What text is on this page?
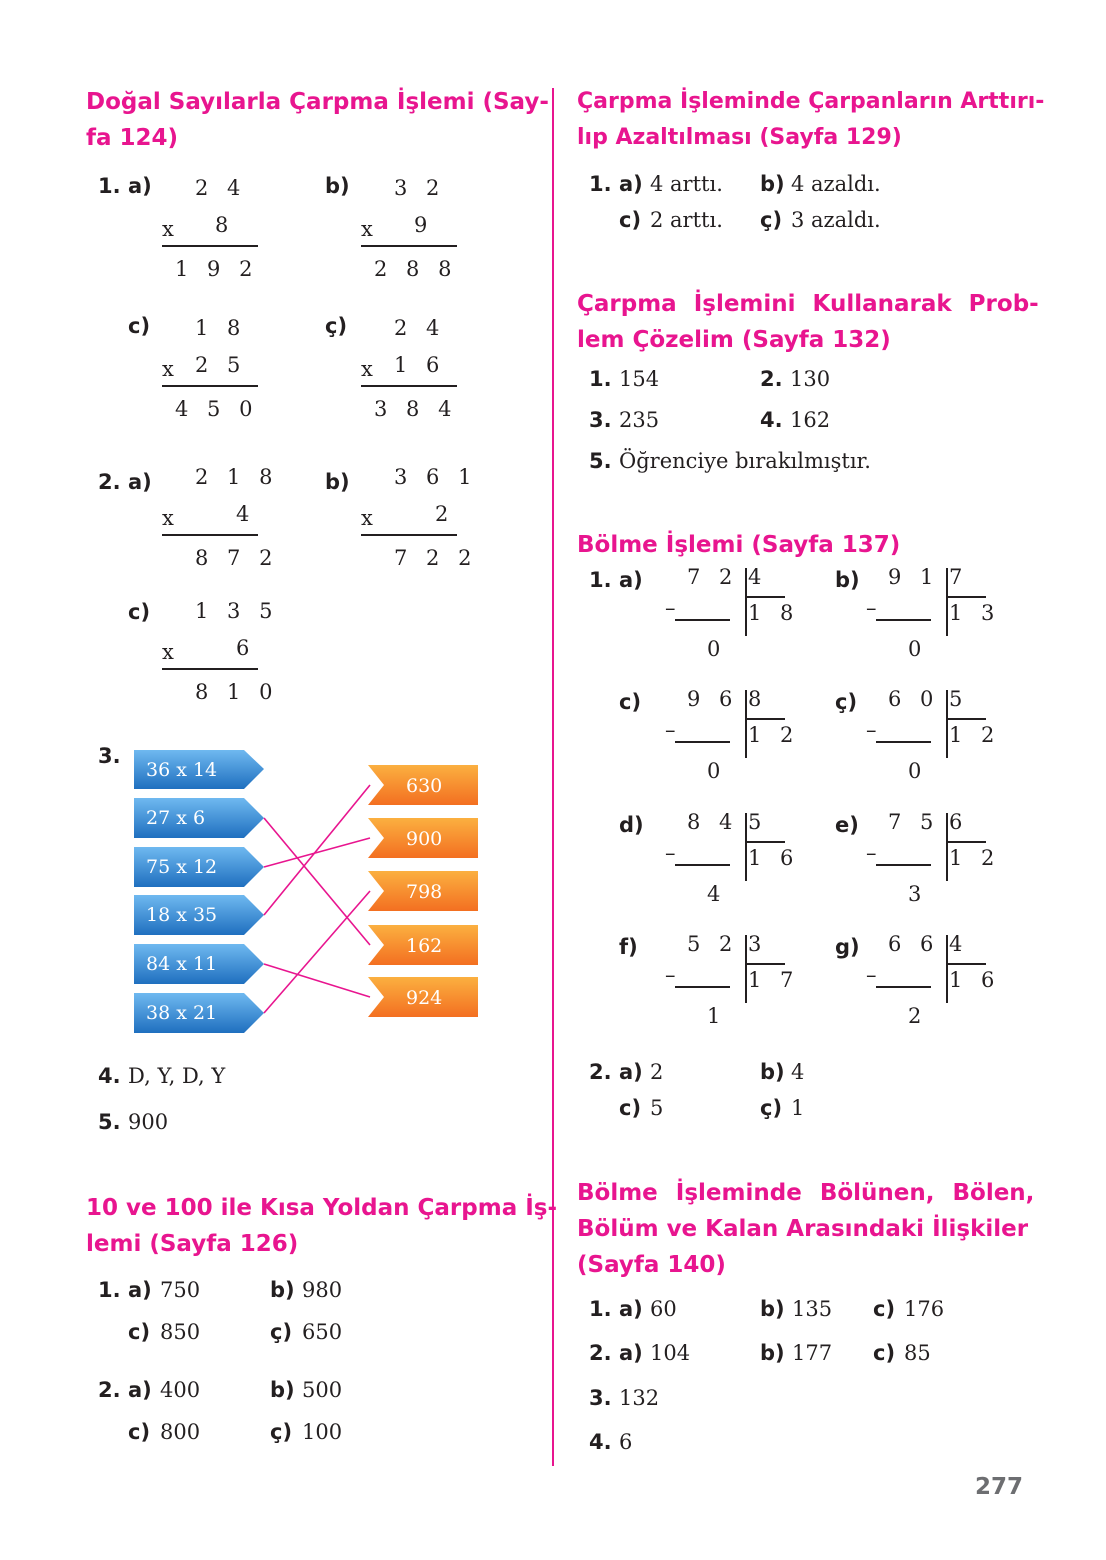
Doğal Sayılarla Çarpma İşlemi (Say-
fa 124)
1. a)	b)
c)	ç)
2 4
x 8
1 9 2
3 2
x 9
2 8 8
1 8
x 2 5
4 5 0
2 4
x 1 6
3 8 4
2. a)	b)
c)
2 1 8
x	4
8 7 2
3 6 1
x	2
7 2 2
1 3 5
x	6
8 1 0
3.
36 x 14
27 x 6
75 x 12
18 x 35
84 x 11
38 x 21
630
900
798
162
924
4. D, Y, D, Y
5. 900
10 ve 100 ile Kısa Yoldan Çarpma İş-
lemi (Sayfa 126)
1. a) 750	b) 980
c) 850	ç) 650
2. a) 400	b) 500
c) 800	ç) 100
Çarpma İşleminde Çarpanların Arttırı-
lıp Azaltılması (Sayfa 129)
1. a) 4 arttı. b) 4 azaldı.
c) 2 arttı. ç) 3 azaldı.
Çarpma İşlemini Kullanarak Prob-
lem Çözelim (Sayfa 132)
1. 154	2. 130
3. 235	4. 162
5. Öğrenciye bırakılmıştır.
Bölme İşlemi (Sayfa 137)
1. a) 7 2 4
–	1 8
0
b) 9 1 7
–	1 3
0
c) 9 6 8
–	1 2
0
ç) 6 0 5
–	1 2
0
d) 8 4 5
–	1 6
4
e) 7 5 6
–	1 2
3
f) 5 2 3
–	1 7
1
g) 6 6 4
–	1 6
2
2. a) 2	b) 4
c) 5	ç) 1
Bölme İşleminde Bölünen, Bölen,
Bölüm ve Kalan Arasındaki İlişkiler
(Sayfa 140)
1. a) 60	b) 135 c) 176
2. a) 104	b) 177 c) 85
3. 132
4. 6
277
